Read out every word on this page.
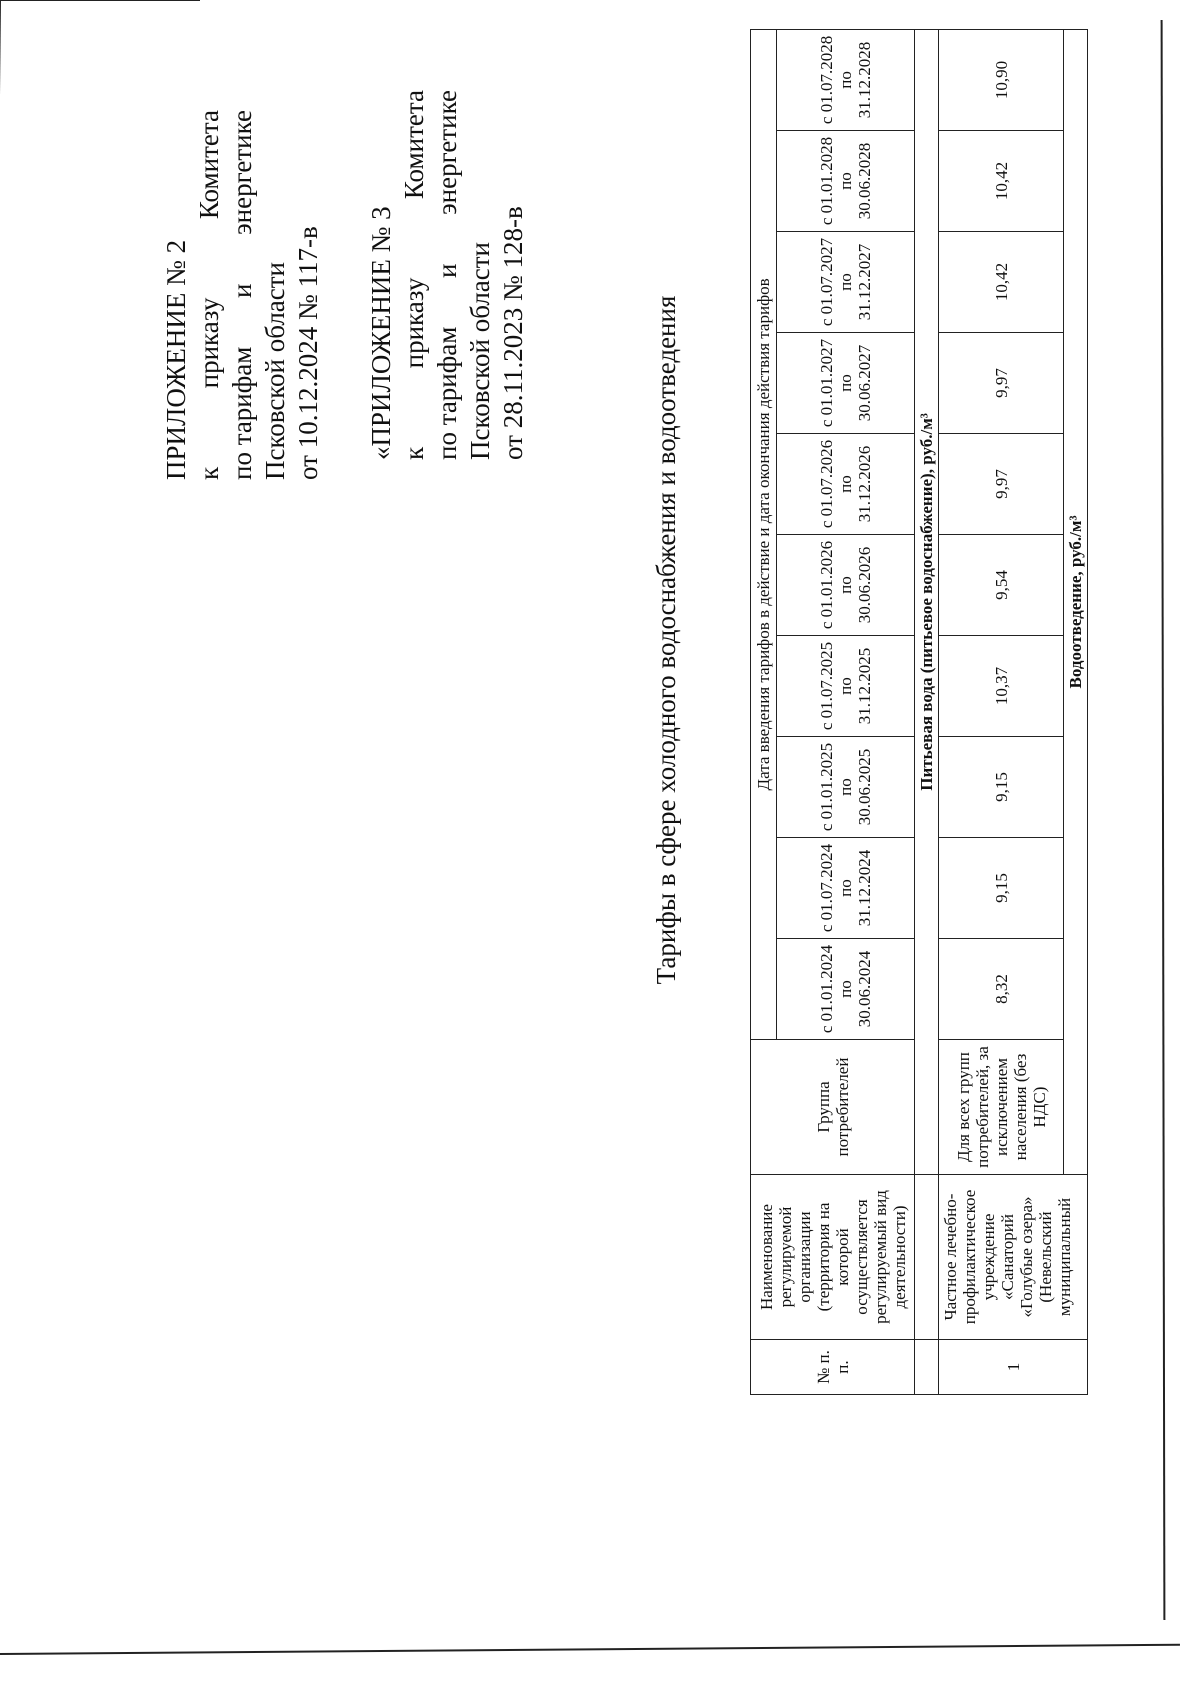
ПРИЛОЖЕНИЕ № 2 к
приказу
Комитета
по тарифам
и
энергетике
Псковской области от 10.12.2024 № 117-в «ПРИЛОЖЕНИЕ № 3 к
приказу
Комитета
по тарифам
и
энергетике
Псковской области от 28.11.2023 № 128-в	Тарифы в сфере холодного водоснабжения и водоотведения
№ п. п.	Наименование регулируемой организации (территория на которой осуществляется регулируемый вид деятельности)	Группа потребителей	Дата введения тарифов в действие и дата окончания действия тарифов									
			с 01.01.2024 по 30.06.2024	с 01.07.2024 по 31.12.2024	с 01.01.2025 по 30.06.2025	с 01.07.2025 по 31.12.2025	с 01.01.2026 по 30.06.2026	с 01.07.2026 по 31.12.2026	с 01.01.2027 по 30.06.2027	с 01.07.2027 по 31.12.2027	с 01.01.2028 по 30.06.2028	с 01.07.2028 по 31.12.2028
		Питьевая вода (питьевое водоснабжение), руб./м³										
1	Частное лечебно-профилактическое учреждение «Санаторий «Голубые озера» (Невельский муниципальный	Для всех групп потребителей, за исключением населения (без НДС)	8,32	9,15	9,15	10,37	9,54	9,97	9,97	10,42	10,42	10,90
		Водоотведение, руб./м³										
